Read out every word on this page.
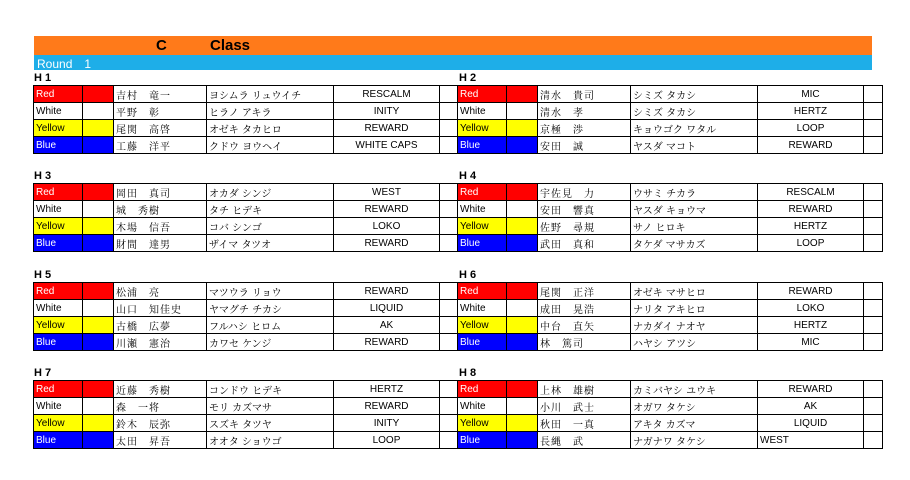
C	Class
Round　1
H 1
Red		吉村　竜一	ヨシムラ リュウイチ	RESCALM	
White		平野　彰	ヒラノ アキラ	INITY	
Yellow		尾関　高啓	オゼキ タカヒロ	REWARD	
Blue		工藤　洋平	クドウ ヨウヘイ	WHITE CAPS	
H 2
Red		清水　貴司	シミズ タカシ	MIC	
White		清水　孝	シミズ タカシ	HERTZ	
Yellow		京極　渉	キョウゴク ワタル	LOOP	
Blue		安田　誠	ヤスダ マコト	REWARD	
H 3
Red		岡田　真司	オカダ シンジ	WEST	
White		城　秀樹	タチ ヒデキ	REWARD	
Yellow		木場　信吾	コバ シンゴ	LOKO	
Blue		財間　達男	ザイマ タツオ	REWARD	
H 4
Red		宇佐見　力	ウサミ チカラ	RESCALM	
White		安田　響真	ヤスダ キョウマ	REWARD	
Yellow		佐野　尋規	サノ ヒロキ	HERTZ	
Blue		武田　真和	タケダ マサカズ	LOOP	
H 5
Red		松浦　亮	マツウラ リョウ	REWARD	
White		山口　知佳史	ヤマグチ チカシ	LIQUID	
Yellow		古橋　広夢	フルハシ ヒロム	AK	
Blue		川瀬　憲治	カワセ ケンジ	REWARD	
H 6
Red		尾関　正洋	オゼキ マサヒロ	REWARD	
White		成田　晃浩	ナリタ アキヒロ	LOKO	
Yellow		中台　直矢	ナカダイ ナオヤ	HERTZ	
Blue		林　篤司	ハヤシ アツシ	MIC	
H 7
Red		近藤　秀樹	コンドウ ヒデキ	HERTZ	
White		森　一将	モリ カズマサ	REWARD	
Yellow		鈴木　辰弥	スズキ タツヤ	INITY	
Blue		太田　昇吾	オオタ ショウゴ	LOOP	
H 8
Red		上林　雄樹	カミバヤシ ユウキ	REWARD	
White		小川　武士	オガワ タケシ	AK	
Yellow		秋田　一真	アキタ カズマ	LIQUID	
Blue		長縄　武	ナガナワ タケシ	WEST	
